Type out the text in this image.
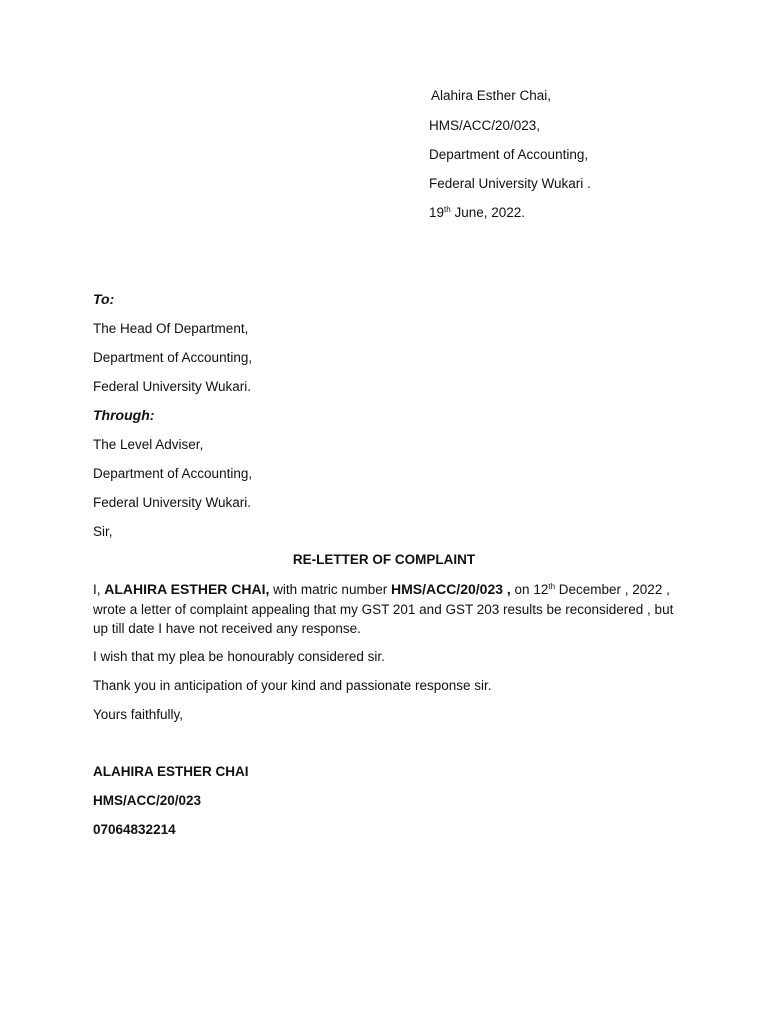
Alahira Esther Chai,
HMS/ACC/20/023,
Department of Accounting,
Federal University Wukari .
19th June, 2022.
To:
The Head Of Department,
Department of Accounting,
Federal University Wukari.
Through:
The Level Adviser,
Department of Accounting,
Federal University Wukari.
Sir,
RE-LETTER OF COMPLAINT
I, ALAHIRA ESTHER CHAI, with matric number HMS/ACC/20/023 , on 12th December , 2022 , wrote a letter of complaint appealing that my GST 201 and GST 203 results be reconsidered , but up till date I have not received any response.
I wish that my plea be honourably considered sir.
Thank you in anticipation of your kind and passionate response sir.
Yours faithfully,
ALAHIRA ESTHER CHAI
HMS/ACC/20/023
07064832214
